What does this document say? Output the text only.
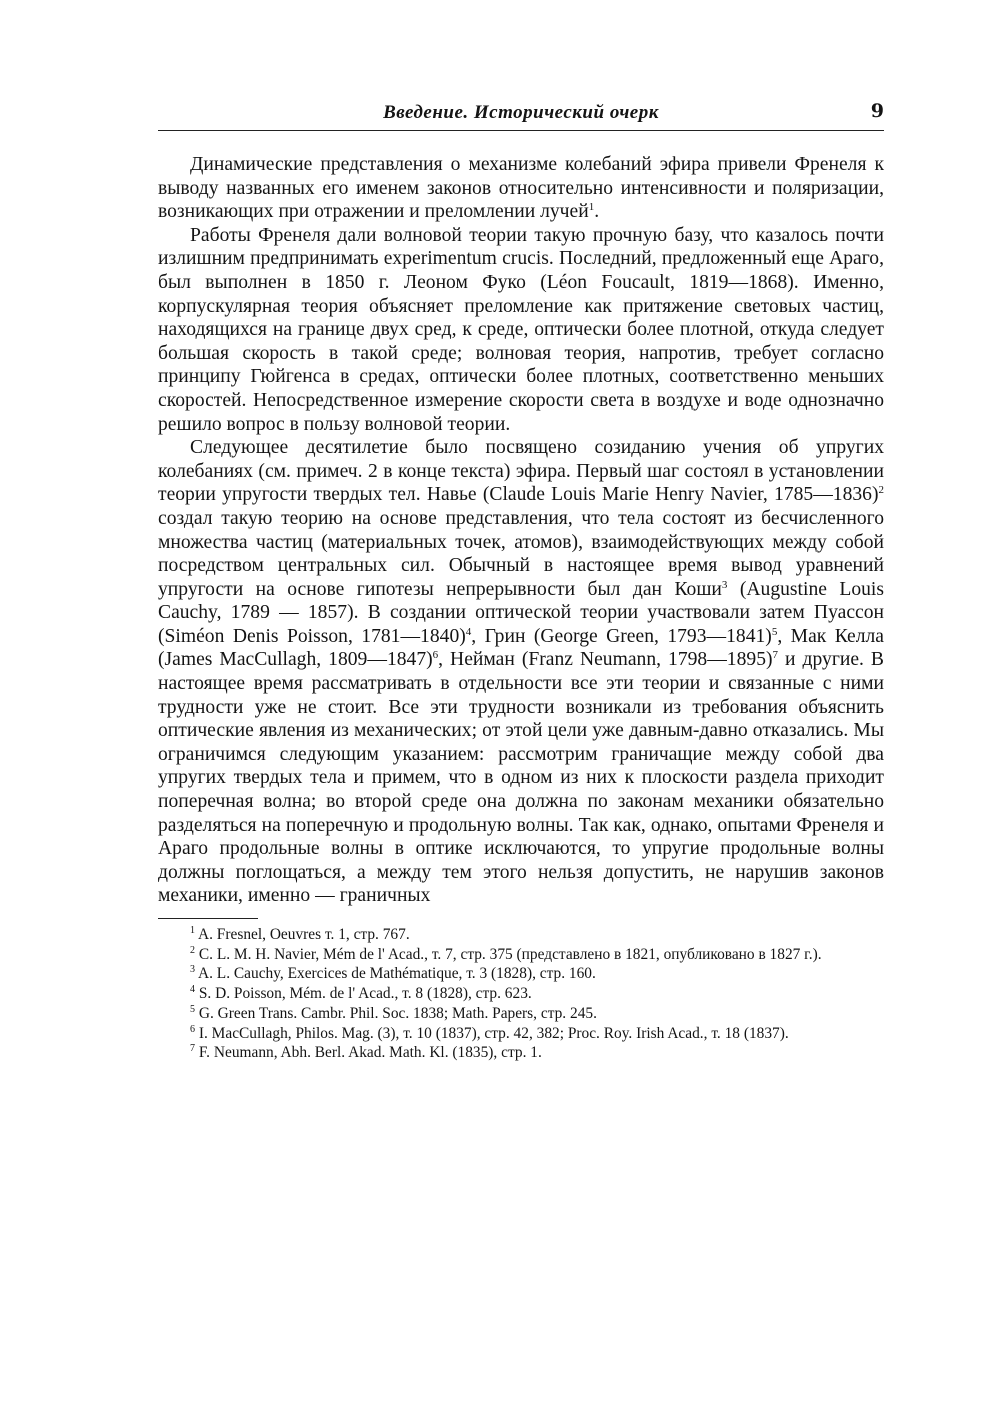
Введение. Исторический очерк	9

Динамические представления о механизме колебаний эфира привели Френеля к выводу названных его именем законов относительно интенсивности и поляризации, возникающих при отражении и преломлении лучей$^1$.

Работы Френеля дали волновой теории такую прочную базу, что казалось почти излишним предпринимать experimentum crucis. Последний, предложенный еще Араго, был выполнен в 1850 г. Леоном Фуко (Léon Foucault, 1819—1868). Именно, корпускулярная теория объясняет преломление как притяжение световых частиц, находящихся на границе двух сред, к среде, оптически более плотной, откуда следует большая скорость в такой среде; волновая теория, напротив, требует согласно принципу Гюйгенса в средах, оптически более плотных, соответственно меньших скоростей. Непосредственное измерение скорости света в воздухе и воде однозначно решило вопрос в пользу волновой теории.

Следующее десятилетие было посвящено созиданию учения об упругих колебаниях (см. примеч. 2 в конце текста) эфира. Первый шаг состоял в установлении теории упругости твердых тел. Навье (Claude Louis Marie Henry Navier, 1785—1836)$^2$ создал такую теорию на основе представления, что тела состоят из бесчисленного множества частиц (материальных точек, атомов), взаимодействующих между собой посредством центральных сил. Обычный в настоящее время вывод уравнений упругости на основе гипотезы непрерывности был дан Коши$^3$ (Augustine Louis Cauchy, 1789 — 1857). В создании оптической теории участвовали затем Пуассон (Siméon Denis Poisson, 1781—1840)$^4$, Грин (George Green, 1793—1841)$^5$, Мак Келла (James MacCullagh, 1809—1847)$^6$, Нейман (Franz Neumann, 1798—1895)$^7$ и другие. В настоящее время рассматривать в отдельности все эти теории и связанные с ними трудности уже не стоит. Все эти трудности возникали из требования объяснить оптические явления из механических; от этой цели уже давным-давно отказались. Мы ограничимся следующим указанием: рассмотрим граничащие между собой два упругих твердых тела и примем, что в одном из них к плоскости раздела приходит поперечная волна; во второй среде она должна по законам механики обязательно разделяться на поперечную и продольную волны. Так как, однако, опытами Френеля и Араго продольные волны в оптике исключаются, то упругие продольные волны должны поглощаться, а между тем этого нельзя допустить, не нарушив законов механики, именно — граничных

$^1$ A. Fresnel, Oeuvres т. 1, стр. 767.

$^2$ C. L. M. H. Navier, Mém de l' Acad., т. 7, стр. 375 (представлено в 1821, опубликовано в 1827 г.).

$^3$ A. L. Cauchy, Exercices de Mathématique, т. 3 (1828), стр. 160.

$^4$ S. D. Poisson, Mém. de l' Acad., т. 8 (1828), стр. 623.

$^5$ G. Green Trans. Cambr. Phil. Soc. 1838; Math. Papers, стр. 245.

$^6$ I. MacCullagh, Philos. Mag. (3), т. 10 (1837), стр. 42, 382; Proc. Roy. Irish Acad., т. 18 (1837).

$^7$ F. Neumann, Abh. Berl. Akad. Math. Kl. (1835), стр. 1.
